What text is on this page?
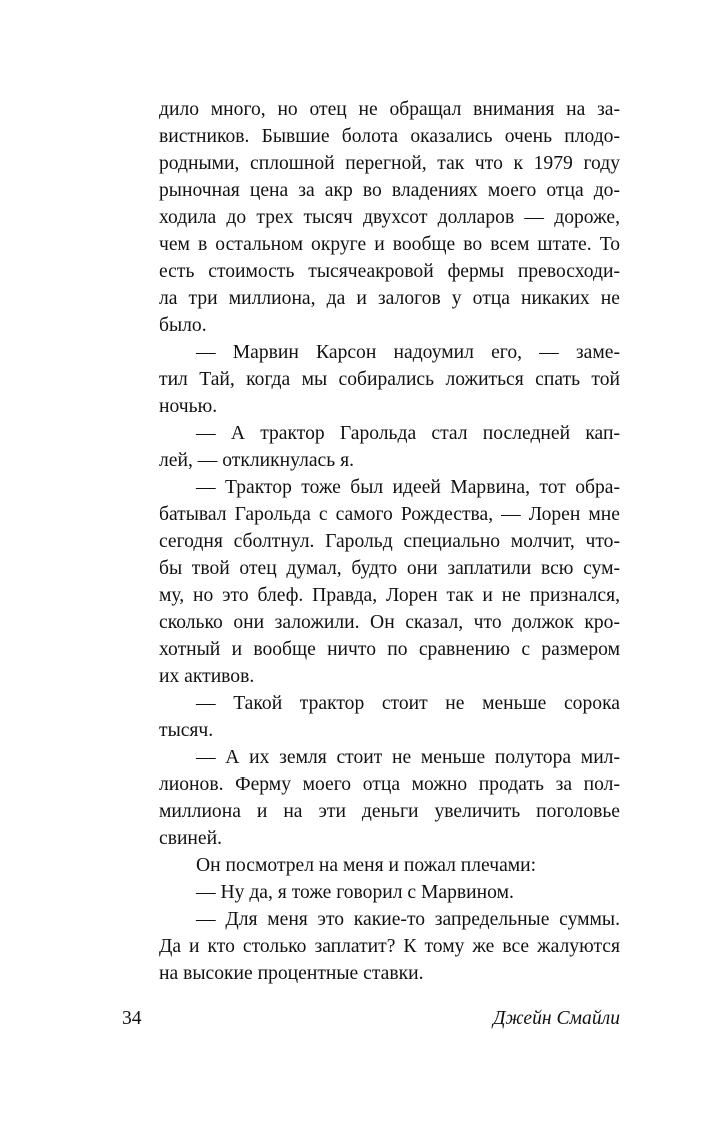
дило много, но отец не обращал внимания на за-
вистников. Бывшие болота оказались очень плодо-
родными, сплошной перегной, так что к 1979 году
рыночная цена за акр во владениях моего отца до-
ходила до трех тысяч двухсот долларов — дороже,
чем в остальном округе и вообще во всем штате. То
есть стоимость тысячеакровой фермы превосходи-
ла три миллиона, да и залогов у отца никаких не
было.
— Марвин Карсон надоумил его, — заме-
тил Тай, когда мы собирались ложиться спать той
ночью.
— А трактор Гарольда стал последней кап-
лей, — откликнулась я.
— Трактор тоже был идеей Марвина, тот обра-
батывал Гарольда с самого Рождества, — Лорен мне
сегодня сболтнул. Гарольд специально молчит, что-
бы твой отец думал, будто они заплатили всю сум-
му, но это блеф. Правда, Лорен так и не признался,
сколько они заложили. Он сказал, что должок кро-
хотный и вообще ничто по сравнению с размером
их активов.
— Такой трактор стоит не меньше сорока
тысяч.
— А их земля стоит не меньше полутора мил-
лионов. Ферму моего отца можно продать за пол-
миллиона и на эти деньги увеличить поголовье
свиней.
Он посмотрел на меня и пожал плечами:
— Ну да, я тоже говорил с Марвином.
— Для меня это какие-то запредельные суммы.
Да и кто столько заплатит? К тому же все жалуются
на высокие процентные ставки.
34	Джейн Смайли
